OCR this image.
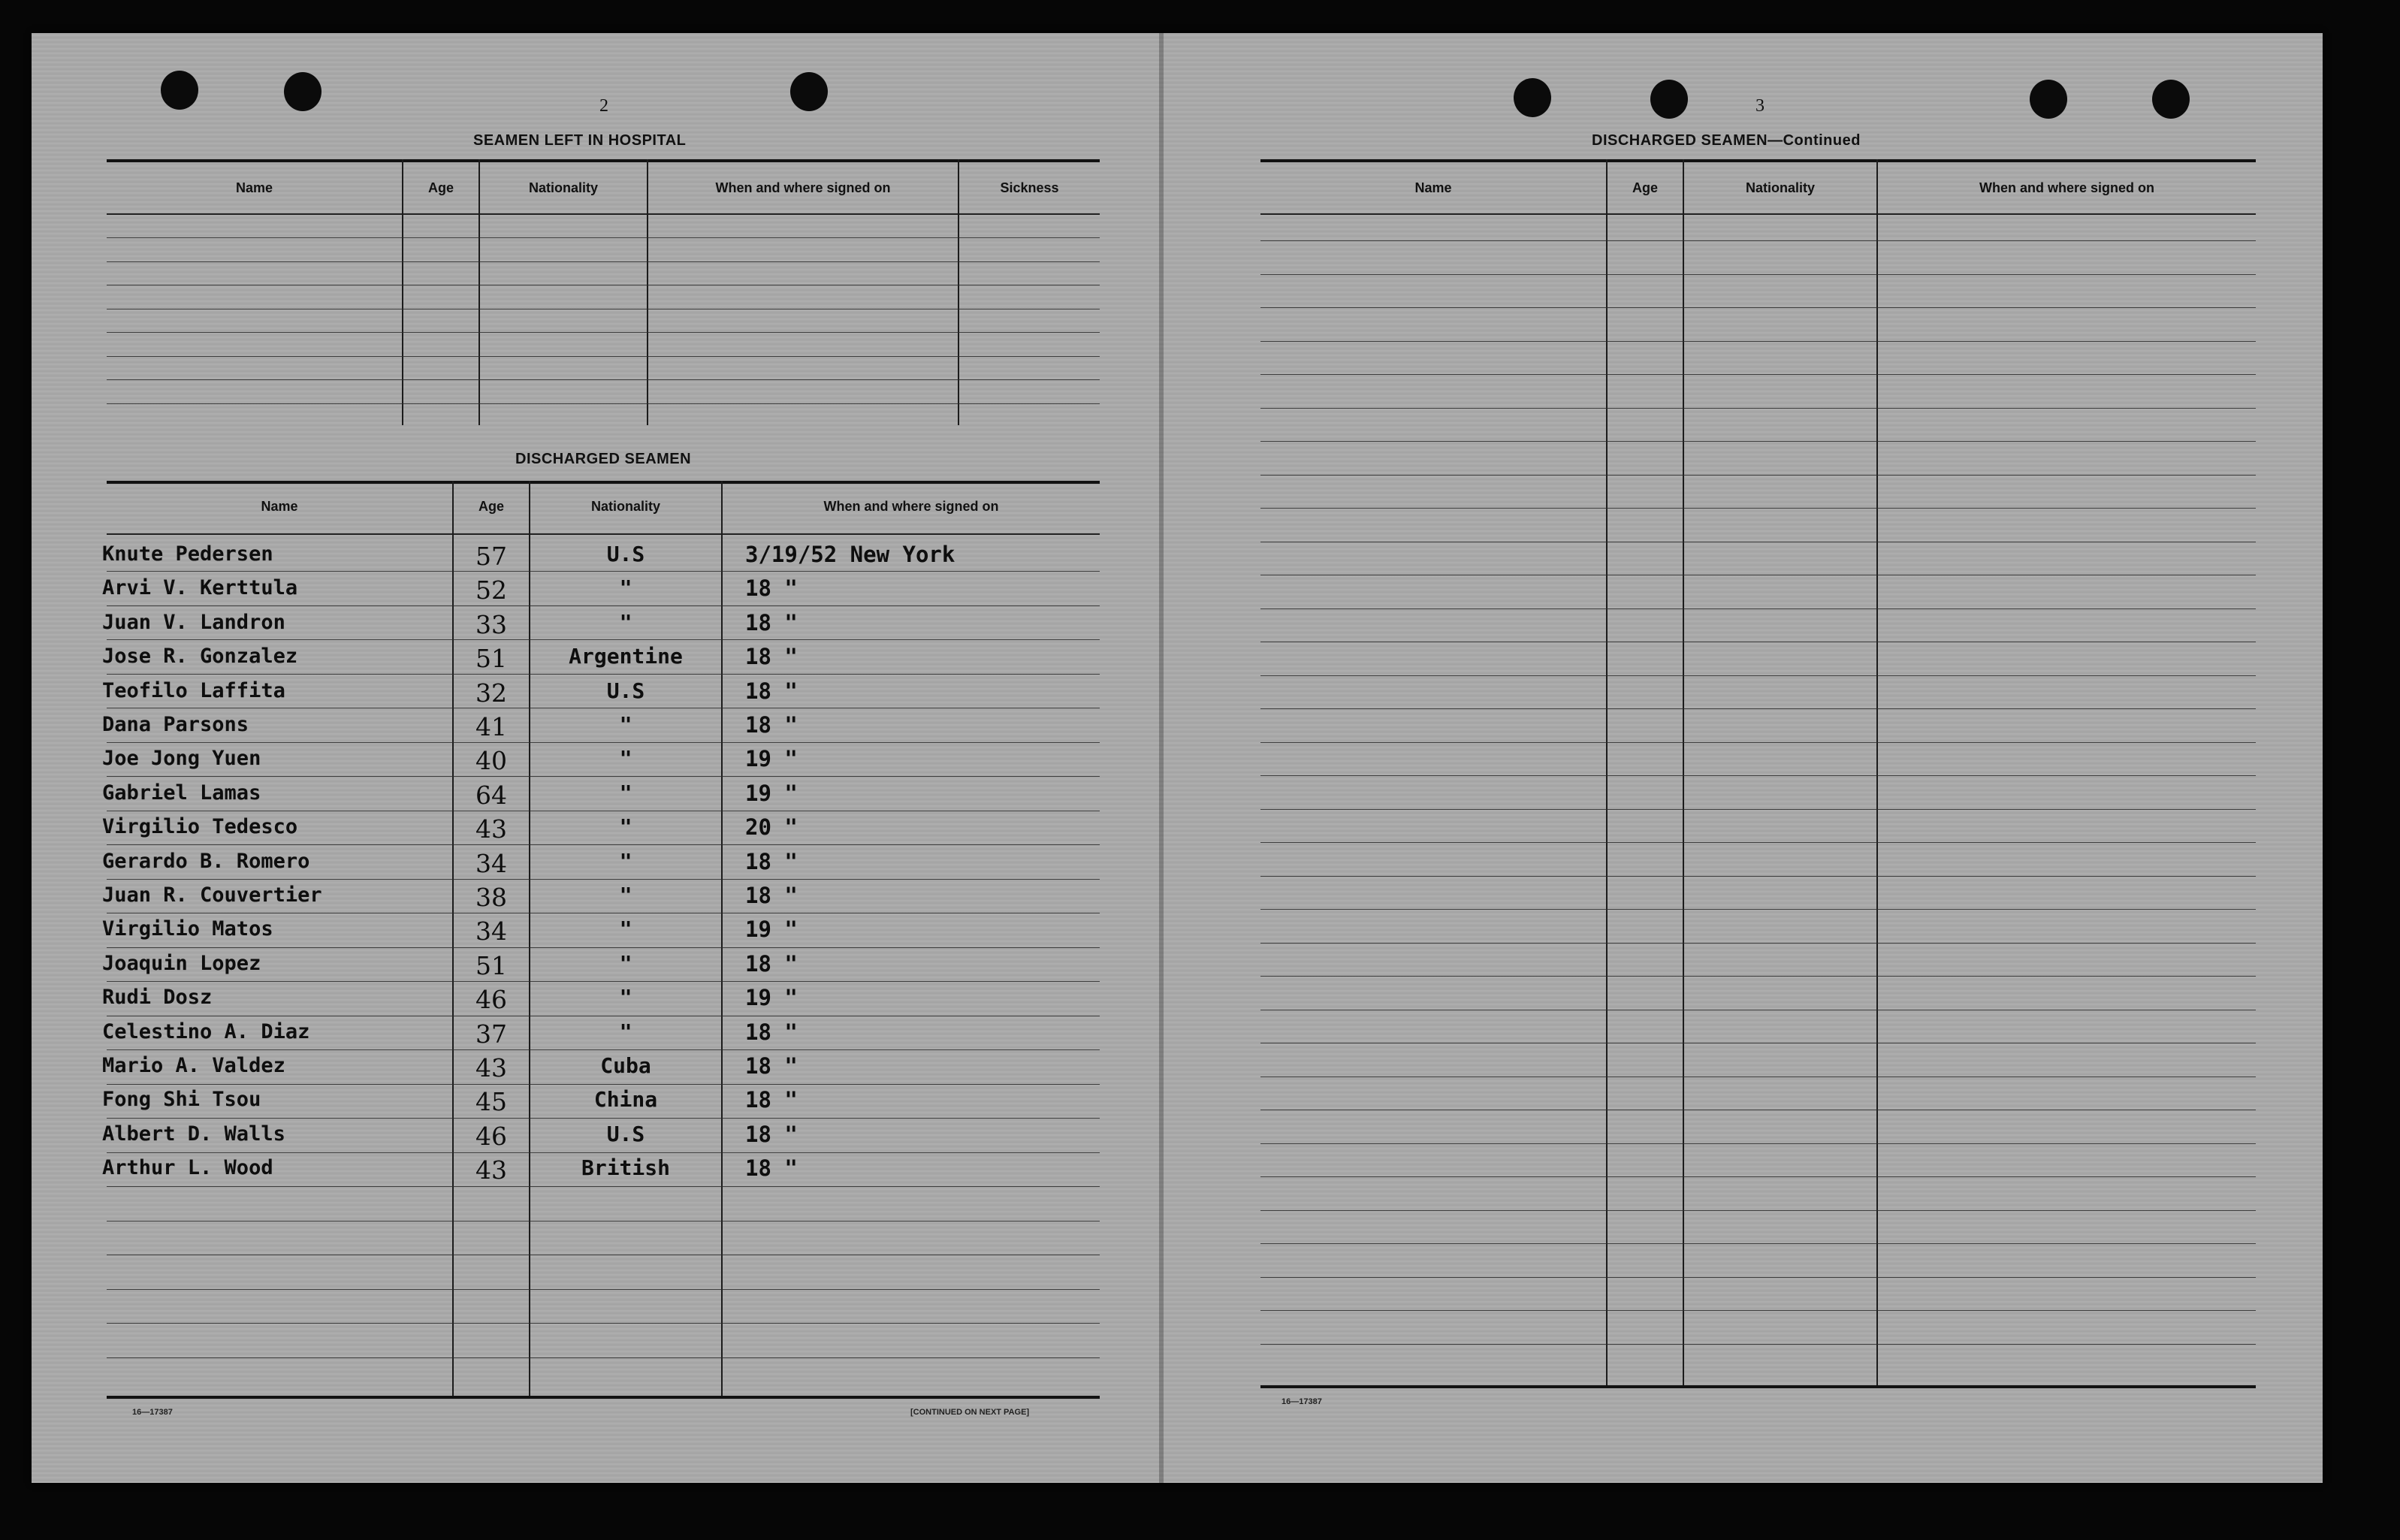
2
SEAMEN LEFT IN HOSPITAL
Name	Age	Nationality	When and where signed on	Sickness
DISCHARGED SEAMEN
Name	Age	Nationality	When and where signed on
Knute Pedersen	57	U.S	3/19/52 New York
Arvi V. Kerttula	52	"	18 "
Juan V. Landron	33	"	18 "
Jose R. Gonzalez	51	Argentine	18 "
Teofilo Laffita	32	U.S	18 "
Dana Parsons	41	"	18 "
Joe Jong Yuen	40	"	19 "
Gabriel Lamas	64	"	19 "
Virgilio Tedesco	43	"	20 "
Gerardo B. Romero	34	"	18 "
Juan R. Couvertier	38	"	18 "
Virgilio Matos	34	"	19 "
Joaquin Lopez	51	"	18 "
Rudi Dosz	46	"	19 "
Celestino A. Diaz	37	"	18 "
Mario A. Valdez	43	Cuba	18 "
Fong Shi Tsou	45	China	18 "
Albert D. Walls	46	U.S	18 "
Arthur L. Wood	43	British	18 "
16—17387	[CONTINUED ON NEXT PAGE]
3
DISCHARGED SEAMEN—Continued
Name	Age	Nationality	When and where signed on
16—17387
